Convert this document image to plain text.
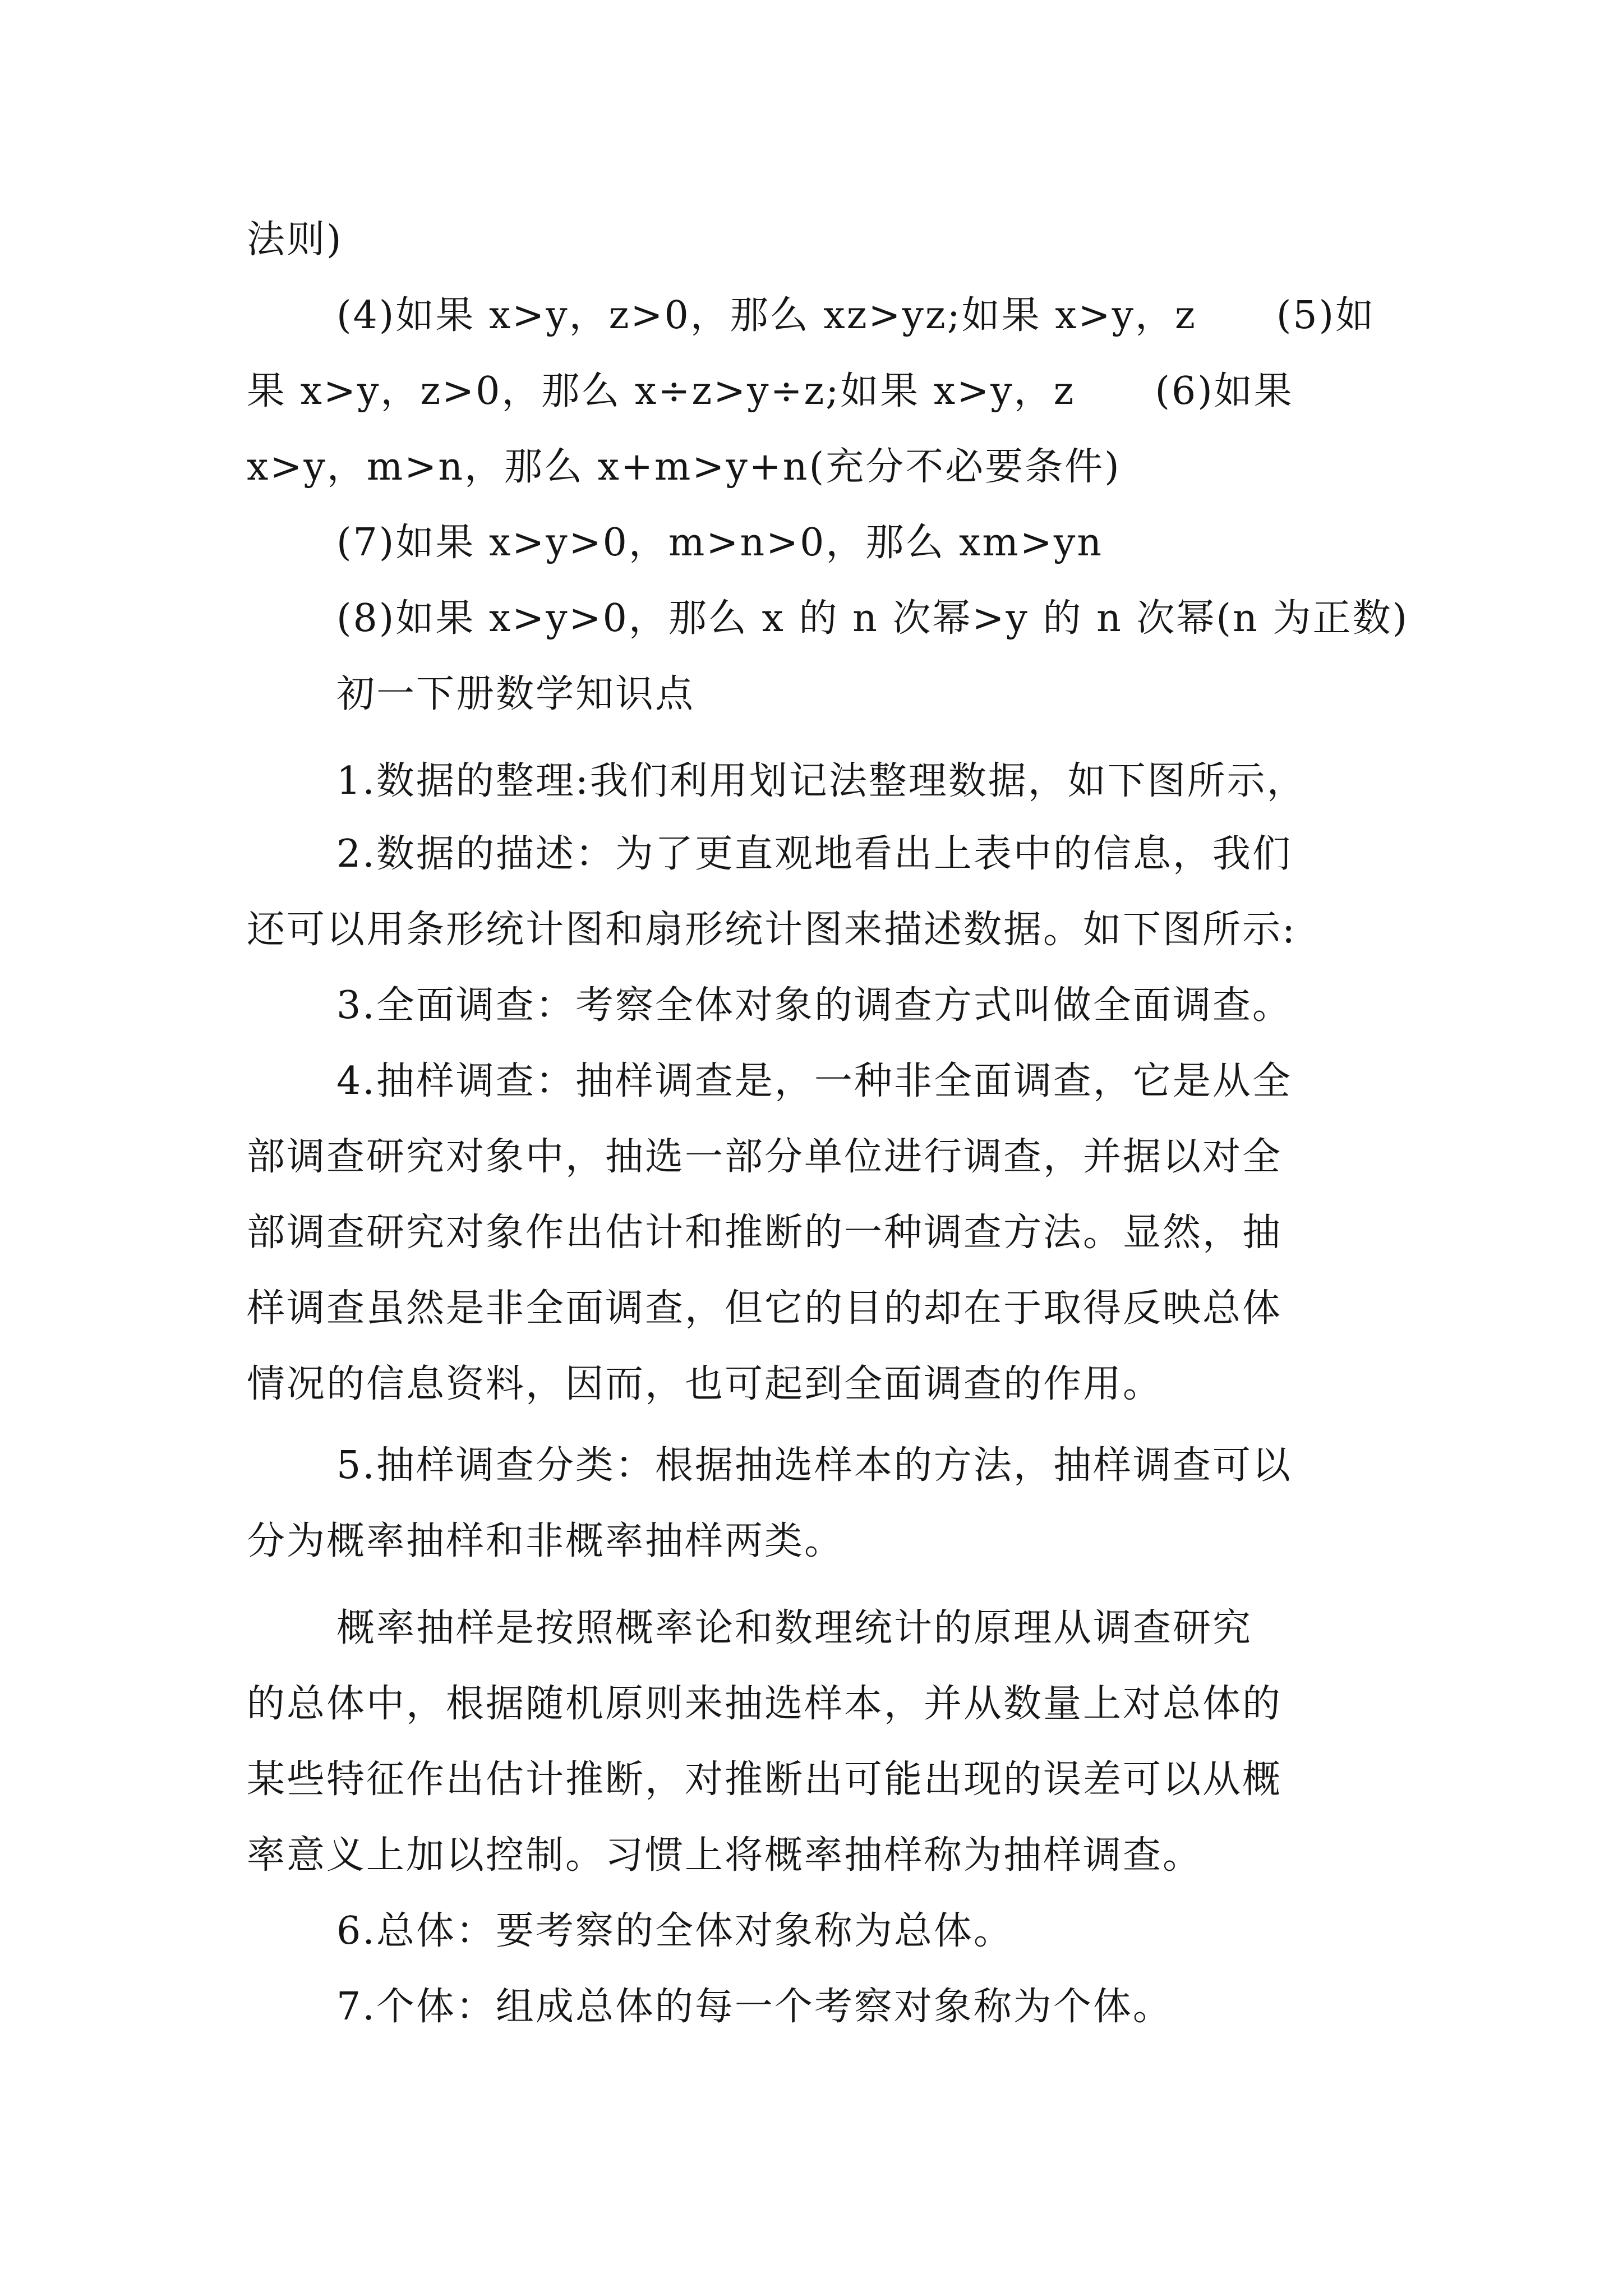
法则)
(4)如果 x>y，z>0，那么 xz>yz;如果 x>y，z　　(5)如
果 x>y，z>0，那么 x÷z>y÷z;如果 x>y，z　　(6)如果
x>y，m>n，那么 x+m>y+n(充分不必要条件)
(7)如果 x>y>0，m>n>0，那么 xm>yn
(8)如果 x>y>0，那么 x 的 n 次幂>y 的 n 次幂(n 为正数)
初一下册数学知识点
1.数据的整理:我们利用划记法整理数据，如下图所示，
2.数据的描述：为了更直观地看出上表中的信息，我们
还可以用条形统计图和扇形统计图来描述数据。如下图所示:
3.全面调查：考察全体对象的调查方式叫做全面调查。
4.抽样调查：抽样调查是，一种非全面调查，它是从全
部调查研究对象中，抽选一部分单位进行调查，并据以对全
部调查研究对象作出估计和推断的一种调查方法。显然，抽
样调查虽然是非全面调查，但它的目的却在于取得反映总体
情况的信息资料，因而，也可起到全面调查的作用。
5.抽样调查分类：根据抽选样本的方法，抽样调查可以
分为概率抽样和非概率抽样两类。
概率抽样是按照概率论和数理统计的原理从调查研究
的总体中，根据随机原则来抽选样本，并从数量上对总体的
某些特征作出估计推断，对推断出可能出现的误差可以从概
率意义上加以控制。习惯上将概率抽样称为抽样调查。
6.总体：要考察的全体对象称为总体。
7.个体：组成总体的每一个考察对象称为个体。
